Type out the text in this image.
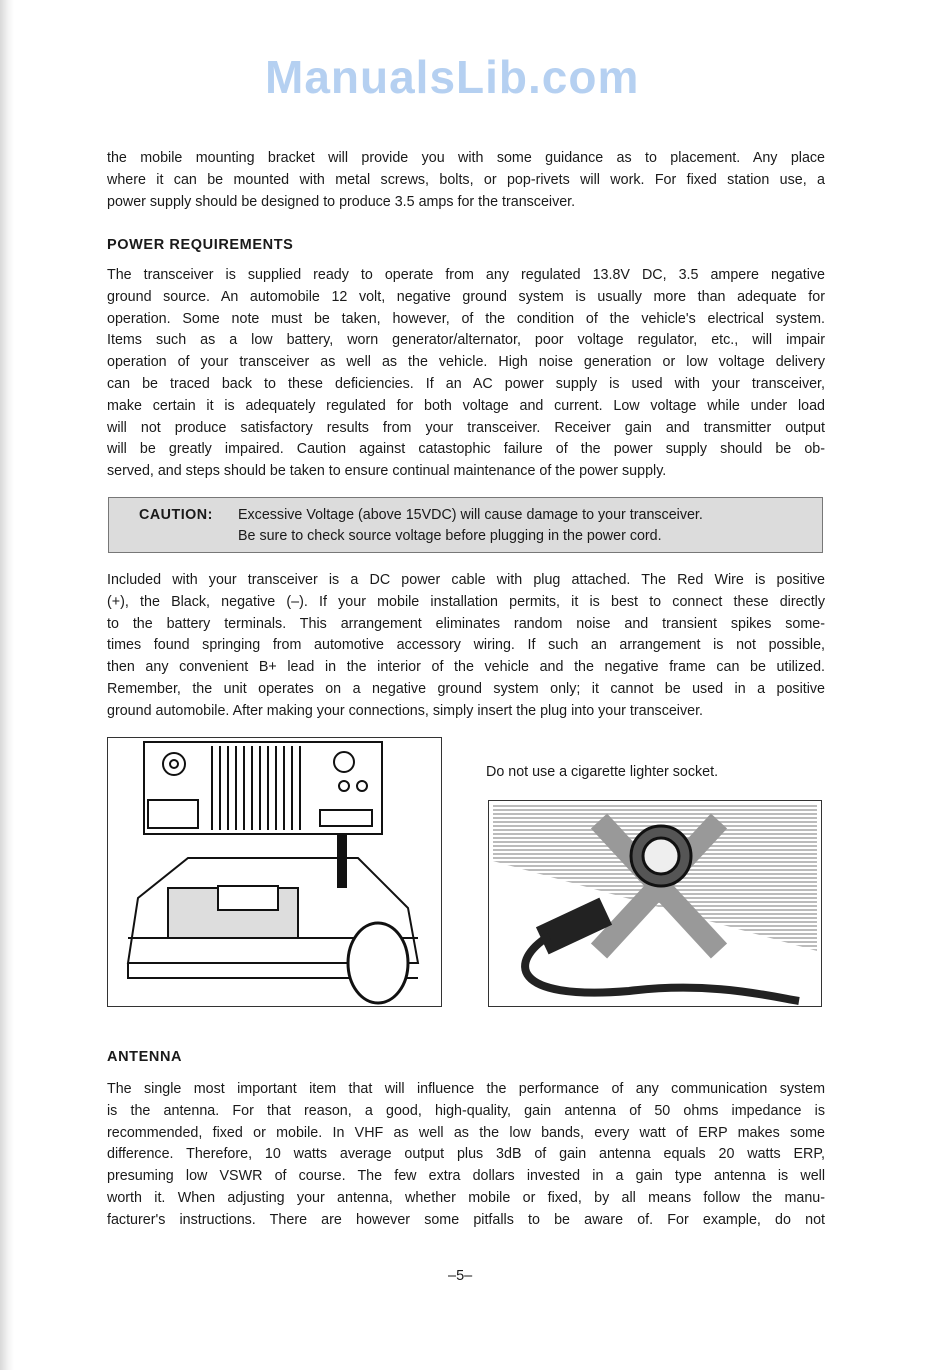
ManualsLib.com
the mobile mounting bracket will provide you with some guidance as to placement. Any place
where it can be mounted with metal screws, bolts, or pop-rivets will work. For fixed station use, a
power supply should be designed to produce 3.5 amps for the transceiver.
POWER REQUIREMENTS
The transceiver is supplied ready to operate from any regulated 13.8V DC, 3.5 ampere negative
ground source. An automobile 12 volt, negative ground system is usually more than adequate for
operation. Some note must be taken, however, of the condition of the vehicle's electrical system.
Items such as a low battery, worn generator/alternator, poor voltage regulator, etc., will impair
operation of your transceiver as well as the vehicle. High noise generation or low voltage delivery
can be traced back to these deficiencies. If an AC power supply is used with your transceiver,
make certain it is adequately regulated for both voltage and current. Low voltage while under load
will not produce satisfactory results from your transceiver. Receiver gain and transmitter output
will be greatly impaired. Caution against catastophic failure of the power supply should be ob-
served, and steps should be taken to ensure continual maintenance of the power supply.
CAUTION: Excessive Voltage (above 15VDC) will cause damage to your transceiver.
Be sure to check source voltage before plugging in the power cord.
Included with your transceiver is a DC power cable with plug attached. The Red Wire is positive
(+), the Black, negative (–). If your mobile installation permits, it is best to connect these directly
to the battery terminals. This arrangement eliminates random noise and transient spikes some-
times found springing from automotive accessory wiring. If such an arrangement is not possible,
then any convenient B+ lead in the interior of the vehicle and the negative frame can be utilized.
Remember, the unit operates on a negative ground system only; it cannot be used in a positive
ground automobile. After making your connections, simply insert the plug into your transceiver.
Do not use a cigarette lighter socket.
ANTENNA
The single most important item that will influence the performance of any communication system
is the antenna. For that reason, a good, high-quality, gain antenna of 50 ohms impedance is
recommended, fixed or mobile. In VHF as well as the low bands, every watt of ERP makes some
difference. Therefore, 10 watts average output plus 3dB of gain antenna equals 20 watts ERP,
presuming low VSWR of course. The few extra dollars invested in a gain type antenna is well
worth it. When adjusting your antenna, whether mobile or fixed, by all means follow the manu-
facturer's instructions. There are however some pitfalls to be aware of. For example, do not
–5–
